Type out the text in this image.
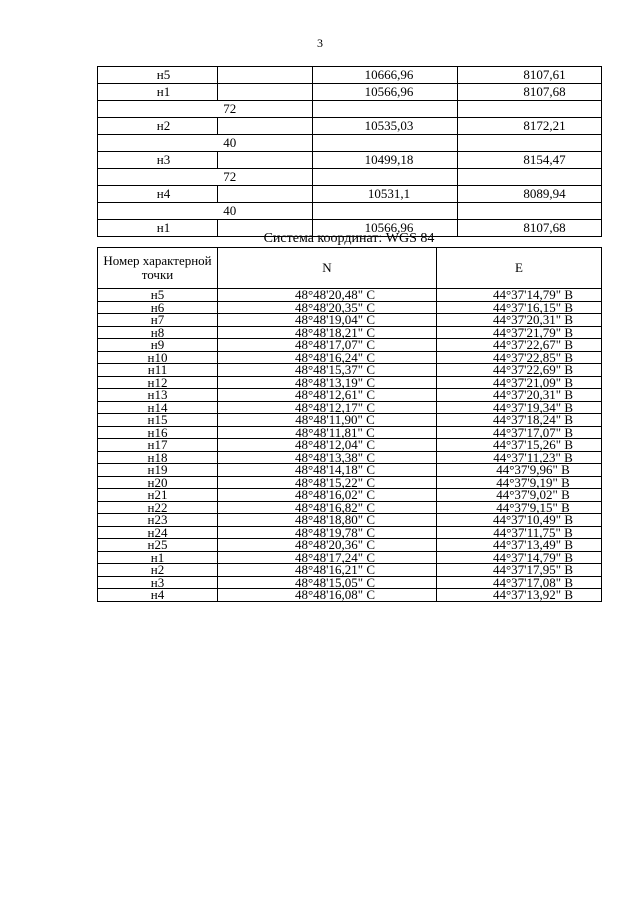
3
н5		10666,96	8107,61
н1		10566,96	8107,68
	72		
н2		10535,03	8172,21
	40		
н3		10499,18	8154,47
	72		
н4		10531,1	8089,94
	40		
н1		10566,96	8107,68
Система координат: WGS 84
Номер характерной точки	N	E
н5	48°48'20,48" С	44°37'14,79" В
н6	48°48'20,35" С	44°37'16,15" В
н7	48°48'19,04" С	44°37'20,31" В
н8	48°48'18,21" С	44°37'21,79" В
н9	48°48'17,07" С	44°37'22,67" В
н10	48°48'16,24" С	44°37'22,85" В
н11	48°48'15,37" С	44°37'22,69" В
н12	48°48'13,19" С	44°37'21,09" В
н13	48°48'12,61" С	44°37'20,31" В
н14	48°48'12,17" С	44°37'19,34" В
н15	48°48'11,90" С	44°37'18,24" В
н16	48°48'11,81" С	44°37'17,07" В
н17	48°48'12,04" С	44°37'15,26" В
н18	48°48'13,38" С	44°37'11,23" В
н19	48°48'14,18" С	44°37'9,96" В
н20	48°48'15,22" С	44°37'9,19" В
н21	48°48'16,02" С	44°37'9,02" В
н22	48°48'16,82" С	44°37'9,15" В
н23	48°48'18,80" С	44°37'10,49" В
н24	48°48'19,78" С	44°37'11,75" В
н25	48°48'20,36" С	44°37'13,49" В
н1	48°48'17,24" С	44°37'14,79" В
н2	48°48'16,21" С	44°37'17,95" В
н3	48°48'15,05" С	44°37'17,08" В
н4	48°48'16,08" С	44°37'13,92" В
